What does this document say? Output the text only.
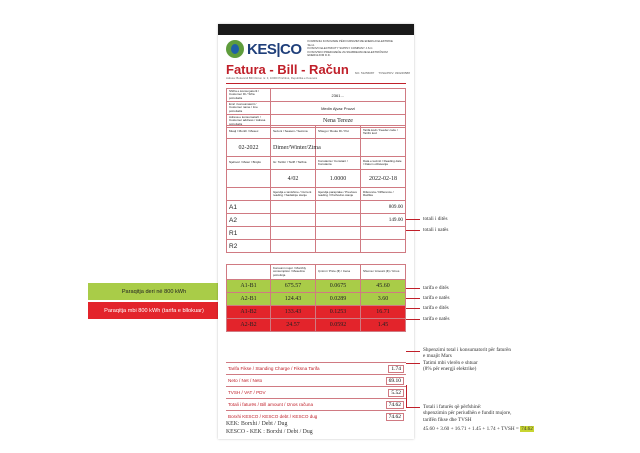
Paraqitja deri në 800 kWh
Paraqitja mbi 800 kWh (tarifa e bllokuar)
KES|CO KOMPANIA KOSOVARE PËR FURNIZIM ME ENERGJI ELEKTRIKE SH.A.
KOSOVO ELECTRICITY SUPPLY COMPANY J.S.C.
KOSOVSKO PREDUZEĆE ZA SNABDEVANJE ELEKTRIČNOM ENERGIJOM D.D.
Fatura - Bill - Račun NO. 51256087 TVSH/PDV: 330246588
Adresa: Bulevardi Bill Clinton nr. 3, 10000 Prishtinë, Republika e Kosovës
Shifra e konsumatorit / Customer ID / Šifra potrošača	2361…
Emri i konsumatorit / Customer name / Ime potrošača	Medin Ajvaz Pruzzi
Adresa e konsumatorit / Customer address / Adresa potrošača	Nena Tereze
Muaji / Month / Mesec	Sezoni / Season / Sezona	Shtegu / Route ID / Put	Tarifa kodi / Feeder code / Tarifni kod
02-2022	Dimer/Winter/Zima		
Njehsori / Meter / Brojilo	Gr. Tarifor / Tariff / Tarifna	Konstanta / Constant / Konstanta	Data e leximit / Reading date / Datum očitavanja
	4/02	1.0000	2022-02-18
	Gjendja e tanishme / Current reading / Sadašnje stanje	Gjendja paraprake / Previous reading / Prethodno stanje	Diferenca / Difference / Razlika
A1			809.00
A2			149.00
R1			
R2			
	Konsumi mujor / Monthly consumption / Mesečna potrošnja	Çmimi / Price (€) / Cena	Shuma / Amount (€) / Iznos
A1-B1	675.57	0.0675	45.60
A2-B1	124.43	0.0289	3.60
A1-B2	133.43	0.1253	16.71
A2-B2	24.57	0.0592	1.45
Tarifa Fikse / Standing Charge / Fiksna Tarifa	1.74
Neto / Net / Neto	69.10
TVSH / VAT / PDV	5.52
Totali i faturës / Bill amount / Iznos računa	74.62
Borxhi KESCO / KESCO debt / KESCO dug	74.62
KEK: Borxhi / Debt / Dug
KESCO - KEK : Borxhi / Debt / Dug
totali i ditës
totali i natës
tarifa e ditës
tarifa e natës
tarifa e ditës
tarifa e natës
Shpenzimi total i konsumatorit për faturën
e muajit Mars
Tatimi mbi vlerën e shtuar
(8% për energji elektrike)
Totali i faturës që përfshinë:
shpenzimin për periudhën e fundit mujore,
tarifën fikse dhe TVSH
45.60 + 3.60 + 16.71 + 1.45 + 1.74 + TVSH = 74.62
